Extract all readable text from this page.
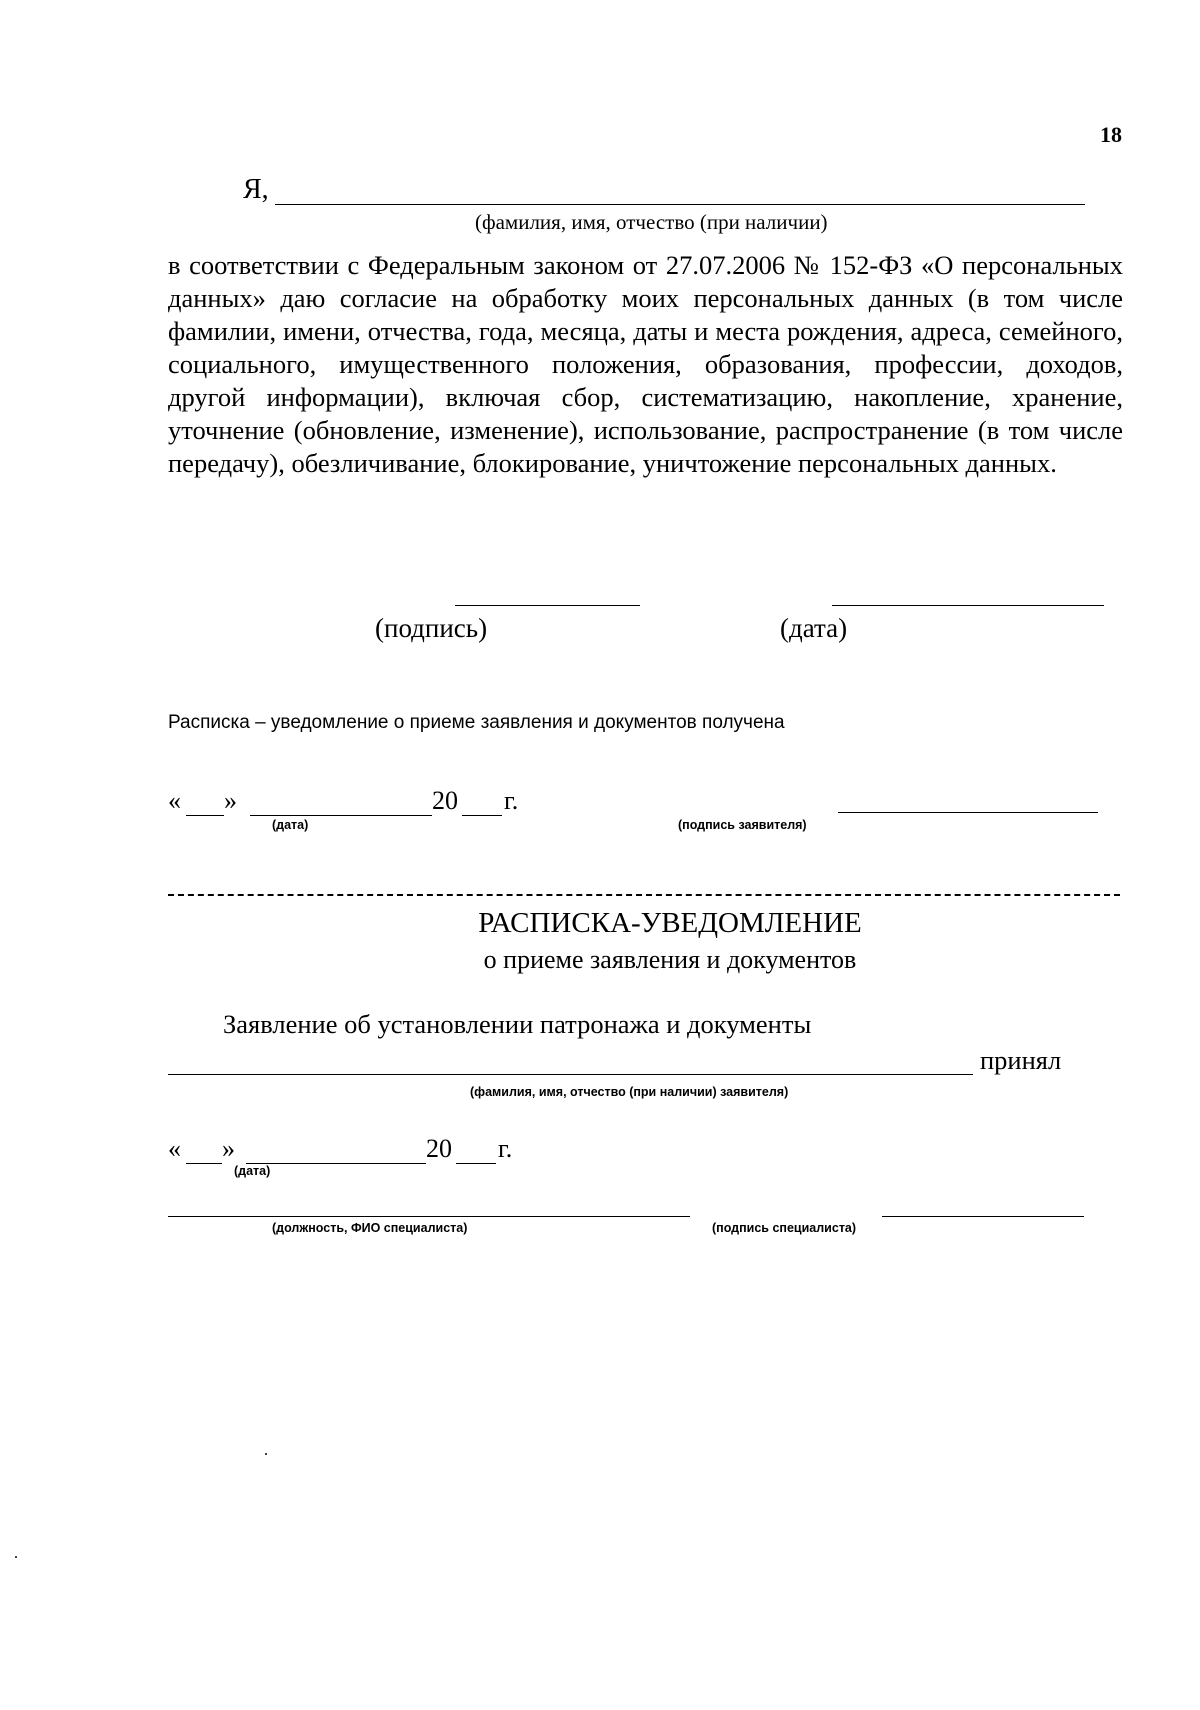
18
Я,
(фамилия, имя, отчество (при наличии)
в соответствии с Федеральным законом от 27.07.2006 № 152-ФЗ «О персональных данных» даю согласие на обработку моих персональных данных (в том числе фамилии, имени, отчества, года, месяца, даты и места рождения, адреса, семейного, социального, имущественного положения, образования, профессии, доходов, другой информации), включая сбор, систематизацию, накопление, хранение, уточнение (обновление, изменение), использование, распространение (в том числе передачу), обезличивание, блокирование, уничтожение персональных данных.
(подпись)	(дата)
Расписка – уведомление о приеме заявления и документов получена
« »	20 г.
(дата)	(подпись заявителя)
РАСПИСКА-УВЕДОМЛЕНИЕ
о приеме заявления и документов
Заявление об установлении патронажа и документы
принял
(фамилия, имя, отчество (при наличии) заявителя)
« »	20 г.
(дата)
(должность, ФИО специалиста)	(подпись специалиста)
